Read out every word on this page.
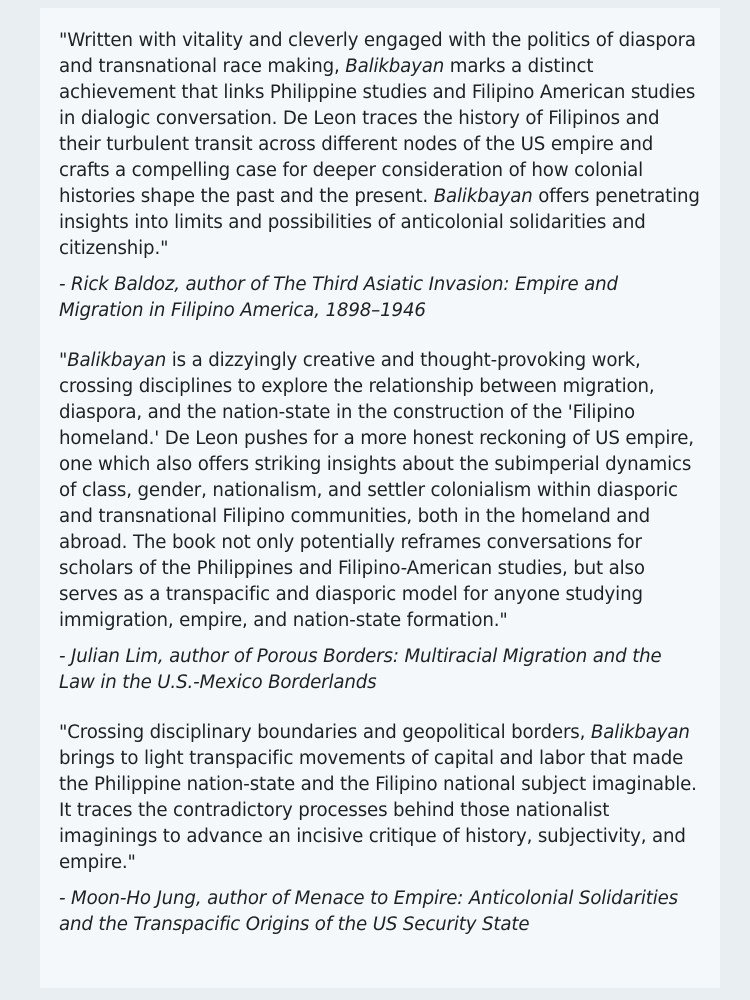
"Written with vitality and cleverly engaged with the politics of diaspora and transnational race making, Balikbayan marks a distinct achievement that links Philippine studies and Filipino American studies in dialogic conversation. De Leon traces the history of Filipinos and their turbulent transit across different nodes of the US empire and crafts a compelling case for deeper consideration of how colonial histories shape the past and the present. Balikbayan offers penetrating insights into limits and possibilities of anticolonial solidarities and citizenship."

- Rick Baldoz, author of The Third Asiatic Invasion: Empire and Migration in Filipino America, 1898–1946

"Balikbayan is a dizzyingly creative and thought-provoking work, crossing disciplines to explore the relationship between migration, diaspora, and the nation-state in the construction of the 'Filipino homeland.' De Leon pushes for a more honest reckoning of US empire, one which also offers striking insights about the subimperial dynamics of class, gender, nationalism, and settler colonialism within diasporic and transnational Filipino communities, both in the homeland and abroad. The book not only potentially reframes conversations for scholars of the Philippines and Filipino-American studies, but also serves as a transpacific and diasporic model for anyone studying immigration, empire, and nation-state formation."

- Julian Lim, author of Porous Borders: Multiracial Migration and the Law in the U.S.-Mexico Borderlands

"Crossing disciplinary boundaries and geopolitical borders, Balikbayan brings to light transpacific movements of capital and labor that made the Philippine nation-state and the Filipino national subject imaginable. It traces the contradictory processes behind those nationalist imaginings to advance an incisive critique of history, subjectivity, and empire."

- Moon-Ho Jung, author of Menace to Empire: Anticolonial Solidarities and the Transpacific Origins of the US Security State
